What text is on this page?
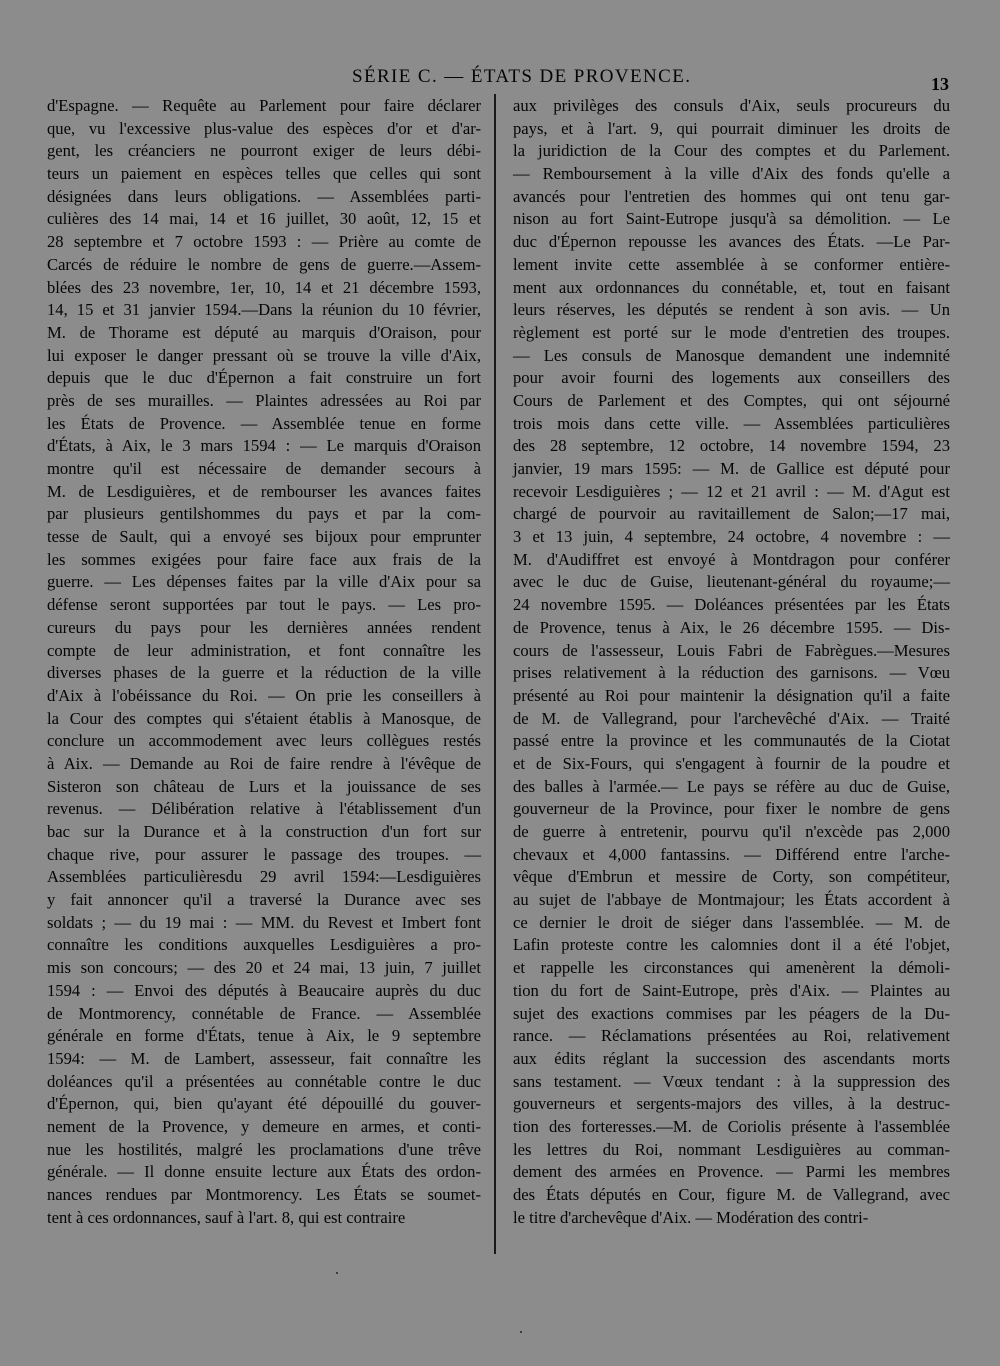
SÉRIE C. — ÉTATS DE PROVENCE.	13
d'Espagne. — Requête au Parlement pour faire déclarer
que, vu l'excessive plus-value des espèces d'or et d'ar-
gent, les créanciers ne pourront exiger de leurs débi-
teurs un paiement en espèces telles que celles qui sont
désignées dans leurs obligations. — Assemblées parti-
culières des 14 mai, 14 et 16 juillet, 30 août, 12, 15 et
28 septembre et 7 octobre 1593 : — Prière au comte de
Carcés de réduire le nombre de gens de guerre.—Assem-
blées des 23 novembre, 1er, 10, 14 et 21 décembre 1593,
14, 15 et 31 janvier 1594.—Dans la réunion du 10 février,
M. de Thorame est député au marquis d'Oraison, pour
lui exposer le danger pressant où se trouve la ville d'Aix,
depuis que le duc d'Épernon a fait construire un fort
près de ses murailles. — Plaintes adressées au Roi par
les États de Provence. — Assemblée tenue en forme
d'États, à Aix, le 3 mars 1594 : — Le marquis d'Oraison
montre qu'il est nécessaire de demander secours à
M. de Lesdiguières, et de rembourser les avances faites
par plusieurs gentilshommes du pays et par la com-
tesse de Sault, qui a envoyé ses bijoux pour emprunter
les sommes exigées pour faire face aux frais de la
guerre. — Les dépenses faites par la ville d'Aix pour sa
défense seront supportées par tout le pays. — Les pro-
cureurs du pays pour les dernières années rendent
compte de leur administration, et font connaître les
diverses phases de la guerre et la réduction de la ville
d'Aix à l'obéissance du Roi. — On prie les conseillers à
la Cour des comptes qui s'étaient établis à Manosque, de
conclure un accommodement avec leurs collègues restés
à Aix. — Demande au Roi de faire rendre à l'évêque de
Sisteron son château de Lurs et la jouissance de ses
revenus. — Délibération relative à l'établissement d'un
bac sur la Durance et à la construction d'un fort sur
chaque rive, pour assurer le passage des troupes. —
Assemblées particulièresdu 29 avril 1594:—Lesdiguières
y fait annoncer qu'il a traversé la Durance avec ses
soldats ; — du 19 mai : — MM. du Revest et Imbert font
connaître les conditions auxquelles Lesdiguières a pro-
mis son concours; — des 20 et 24 mai, 13 juin, 7 juillet
1594 : — Envoi des députés à Beaucaire auprès du duc
de Montmorency, connétable de France. — Assemblée
générale en forme d'États, tenue à Aix, le 9 septembre
1594: — M. de Lambert, assesseur, fait connaître les
doléances qu'il a présentées au connétable contre le duc
d'Épernon, qui, bien qu'ayant été dépouillé du gouver-
nement de la Provence, y demeure en armes, et conti-
nue les hostilités, malgré les proclamations d'une trêve
générale. — Il donne ensuite lecture aux États des ordon-
nances rendues par Montmorency. Les États se soumet-
tent à ces ordonnances, sauf à l'art. 8, qui est contraire
aux privilèges des consuls d'Aix, seuls procureurs du
pays, et à l'art. 9, qui pourrait diminuer les droits de
la juridiction de la Cour des comptes et du Parlement.
— Remboursement à la ville d'Aix des fonds qu'elle a
avancés pour l'entretien des hommes qui ont tenu gar-
nison au fort Saint-Eutrope jusqu'à sa démolition. — Le
duc d'Épernon repousse les avances des États. —Le Par-
lement invite cette assemblée à se conformer entière-
ment aux ordonnances du connétable, et, tout en faisant
leurs réserves, les députés se rendent à son avis. — Un
règlement est porté sur le mode d'entretien des troupes.
— Les consuls de Manosque demandent une indemnité
pour avoir fourni des logements aux conseillers des
Cours de Parlement et des Comptes, qui ont séjourné
trois mois dans cette ville. — Assemblées particulières
des 28 septembre, 12 octobre, 14 novembre 1594, 23
janvier, 19 mars 1595: — M. de Gallice est député pour
recevoir Lesdiguières ; — 12 et 21 avril : — M. d'Agut est
chargé de pourvoir au ravitaillement de Salon;—17 mai,
3 et 13 juin, 4 septembre, 24 octobre, 4 novembre : —
M. d'Audiffret est envoyé à Montdragon pour conférer
avec le duc de Guise, lieutenant-général du royaume;—
24 novembre 1595. — Doléances présentées par les États
de Provence, tenus à Aix, le 26 décembre 1595. — Dis-
cours de l'assesseur, Louis Fabri de Fabrègues.—Mesures
prises relativement à la réduction des garnisons. — Vœu
présenté au Roi pour maintenir la désignation qu'il a faite
de M. de Vallegrand, pour l'archevêché d'Aix. — Traité
passé entre la province et les communautés de la Ciotat
et de Six-Fours, qui s'engagent à fournir de la poudre et
des balles à l'armée.— Le pays se réfère au duc de Guise,
gouverneur de la Province, pour fixer le nombre de gens
de guerre à entretenir, pourvu qu'il n'excède pas 2,000
chevaux et 4,000 fantassins. — Différend entre l'arche-
vêque d'Embrun et messire de Corty, son compétiteur,
au sujet de l'abbaye de Montmajour; les États accordent à
ce dernier le droit de siéger dans l'assemblée. — M. de
Lafin proteste contre les calomnies dont il a été l'objet,
et rappelle les circonstances qui amenèrent la démoli-
tion du fort de Saint-Eutrope, près d'Aix. — Plaintes au
sujet des exactions commises par les péagers de la Du-
rance. — Réclamations présentées au Roi, relativement
aux édits réglant la succession des ascendants morts
sans testament. — Vœux tendant : à la suppression des
gouverneurs et sergents-majors des villes, à la destruc-
tion des forteresses.—M. de Coriolis présente à l'assemblée
les lettres du Roi, nommant Lesdiguières au comman-
dement des armées en Provence. — Parmi les membres
des États députés en Cour, figure M. de Vallegrand, avec
le titre d'archevêque d'Aix. — Modération des contri-
